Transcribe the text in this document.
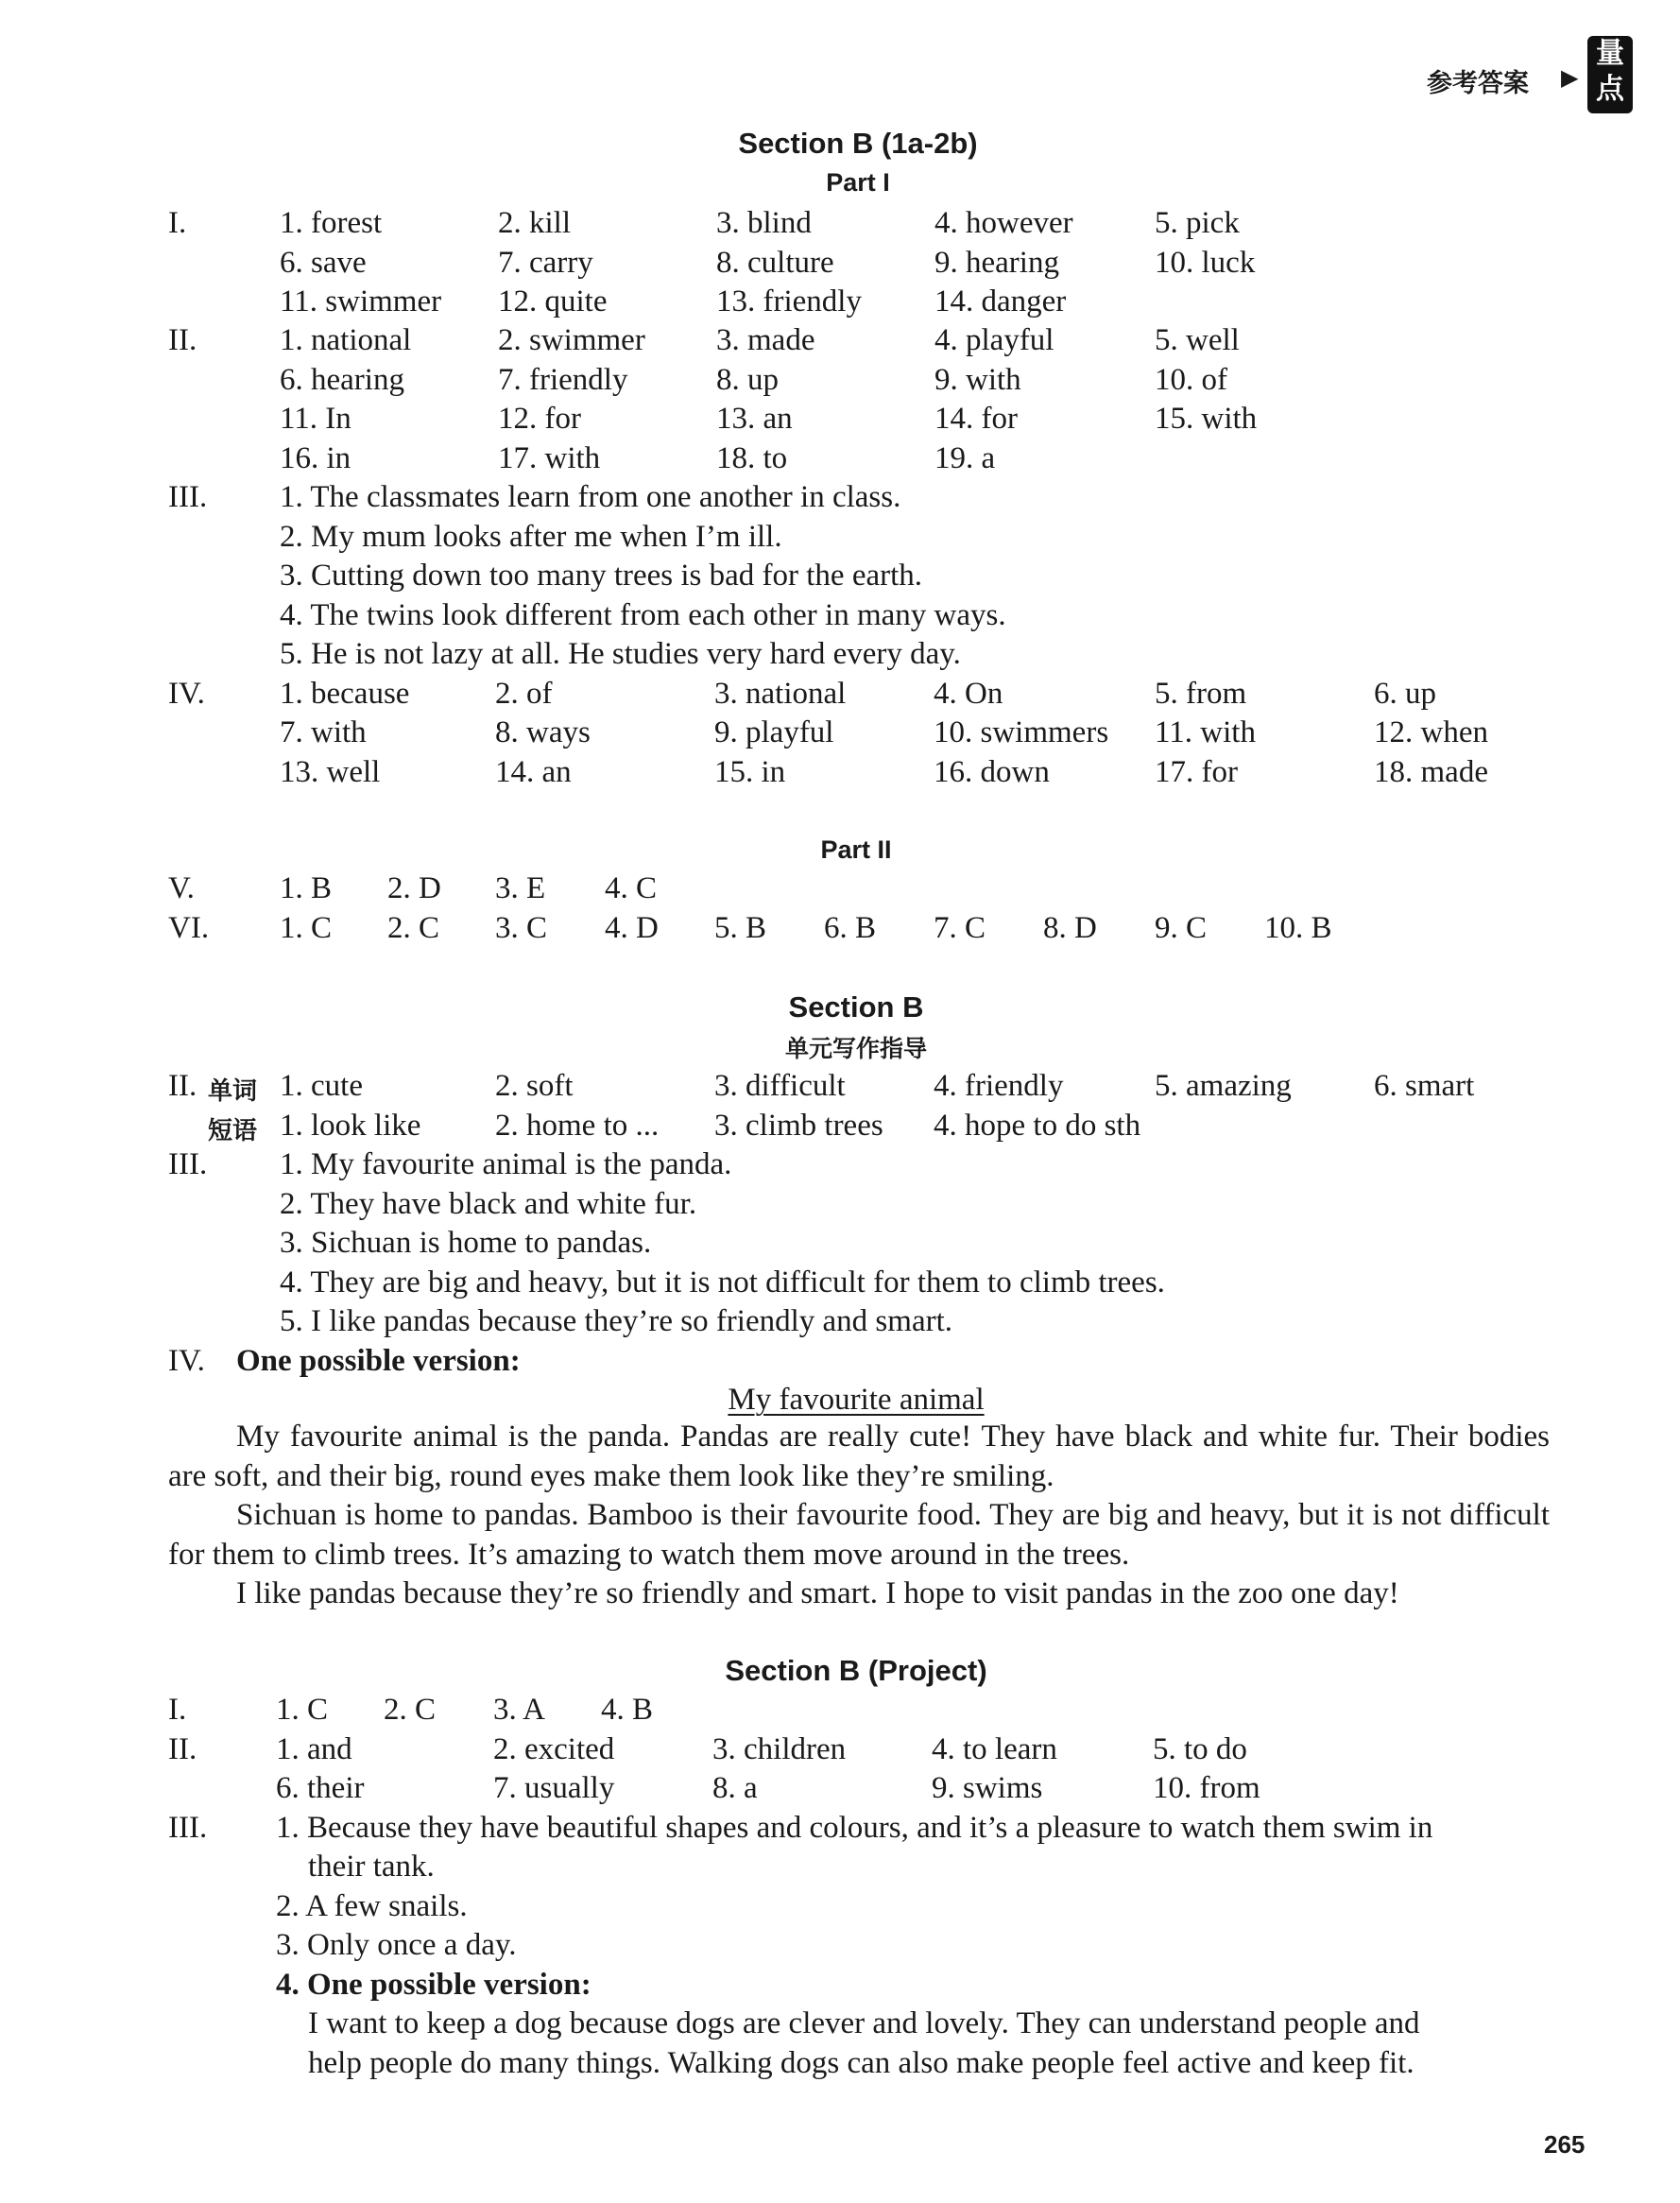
参考答案 ▶
量点
Section B (1a-2b)
Part I
I.	1. forest	2. kill	3. blind	4. however	5. pick
6. save	7. carry	8. culture	9. hearing	10. luck
11. swimmer 12. quite	13. friendly 14. danger
II.	1. national	2. swimmer 3. made	4. playful	5. well
6. hearing	7. friendly	8. up	9. with	10. of
11. In	12. for	13. an	14. for	15. with
16. in	17. with	18. to	19. a
III. 1. The classmates learn from one another in class.
2. My mum looks after me when I’m ill.
3. Cutting down too many trees is bad for the earth.
4. The twins look different from each other in many ways.
5. He is not lazy at all. He studies very hard every day.
IV. 1. because	2. of	3. national	4. On	5. from	6. up
7. with	8. ways	9. playful	10. swimmers 11. with	12. when
13. well	14. an	15. in	16. down	17. for	18. made
Part II
V.	1. B 2. D 3. E 4. C
VI. 1. C 2. C 3. C 4. D 5. B 6. B 7. C 8. D 9. C 10. B
Section B
单元写作指导
II. 单词 1. cute	2. soft	3. difficult	4. friendly	5. amazing	6. smart
短语 1. look like 2. home to ... 3. climb trees 4. hope to do sth
III. 1. My favourite animal is the panda.
2. They have black and white fur.
3. Sichuan is home to pandas.
4. They are big and heavy, but it is not difficult for them to climb trees.
5. I like pandas because they’re so friendly and smart.
IV. One possible version:
My favourite animal
My favourite animal is the panda. Pandas are really cute! They have black and white fur. Their bodies are soft, and their big, round eyes make them look like they’re smiling.
Sichuan is home to pandas. Bamboo is their favourite food. They are big and heavy, but it is not difficult for them to climb trees. It’s amazing to watch them move around in the trees.
I like pandas because they’re so friendly and smart. I hope to visit pandas in the zoo one day!
Section B (Project)
I.	1. C 2. C 3. A 4. B
II.	1. and	2. excited	3. children	4. to learn	5. to do
6. their	7. usually	8. a	9. swims	10. from
III. 1. Because they have beautiful shapes and colours, and it’s a pleasure to watch them swim in
their tank.
2. A few snails.
3. Only once a day.
4. One possible version:
I want to keep a dog because dogs are clever and lovely. They can understand people and
help people do many things. Walking dogs can also make people feel active and keep fit.
265
